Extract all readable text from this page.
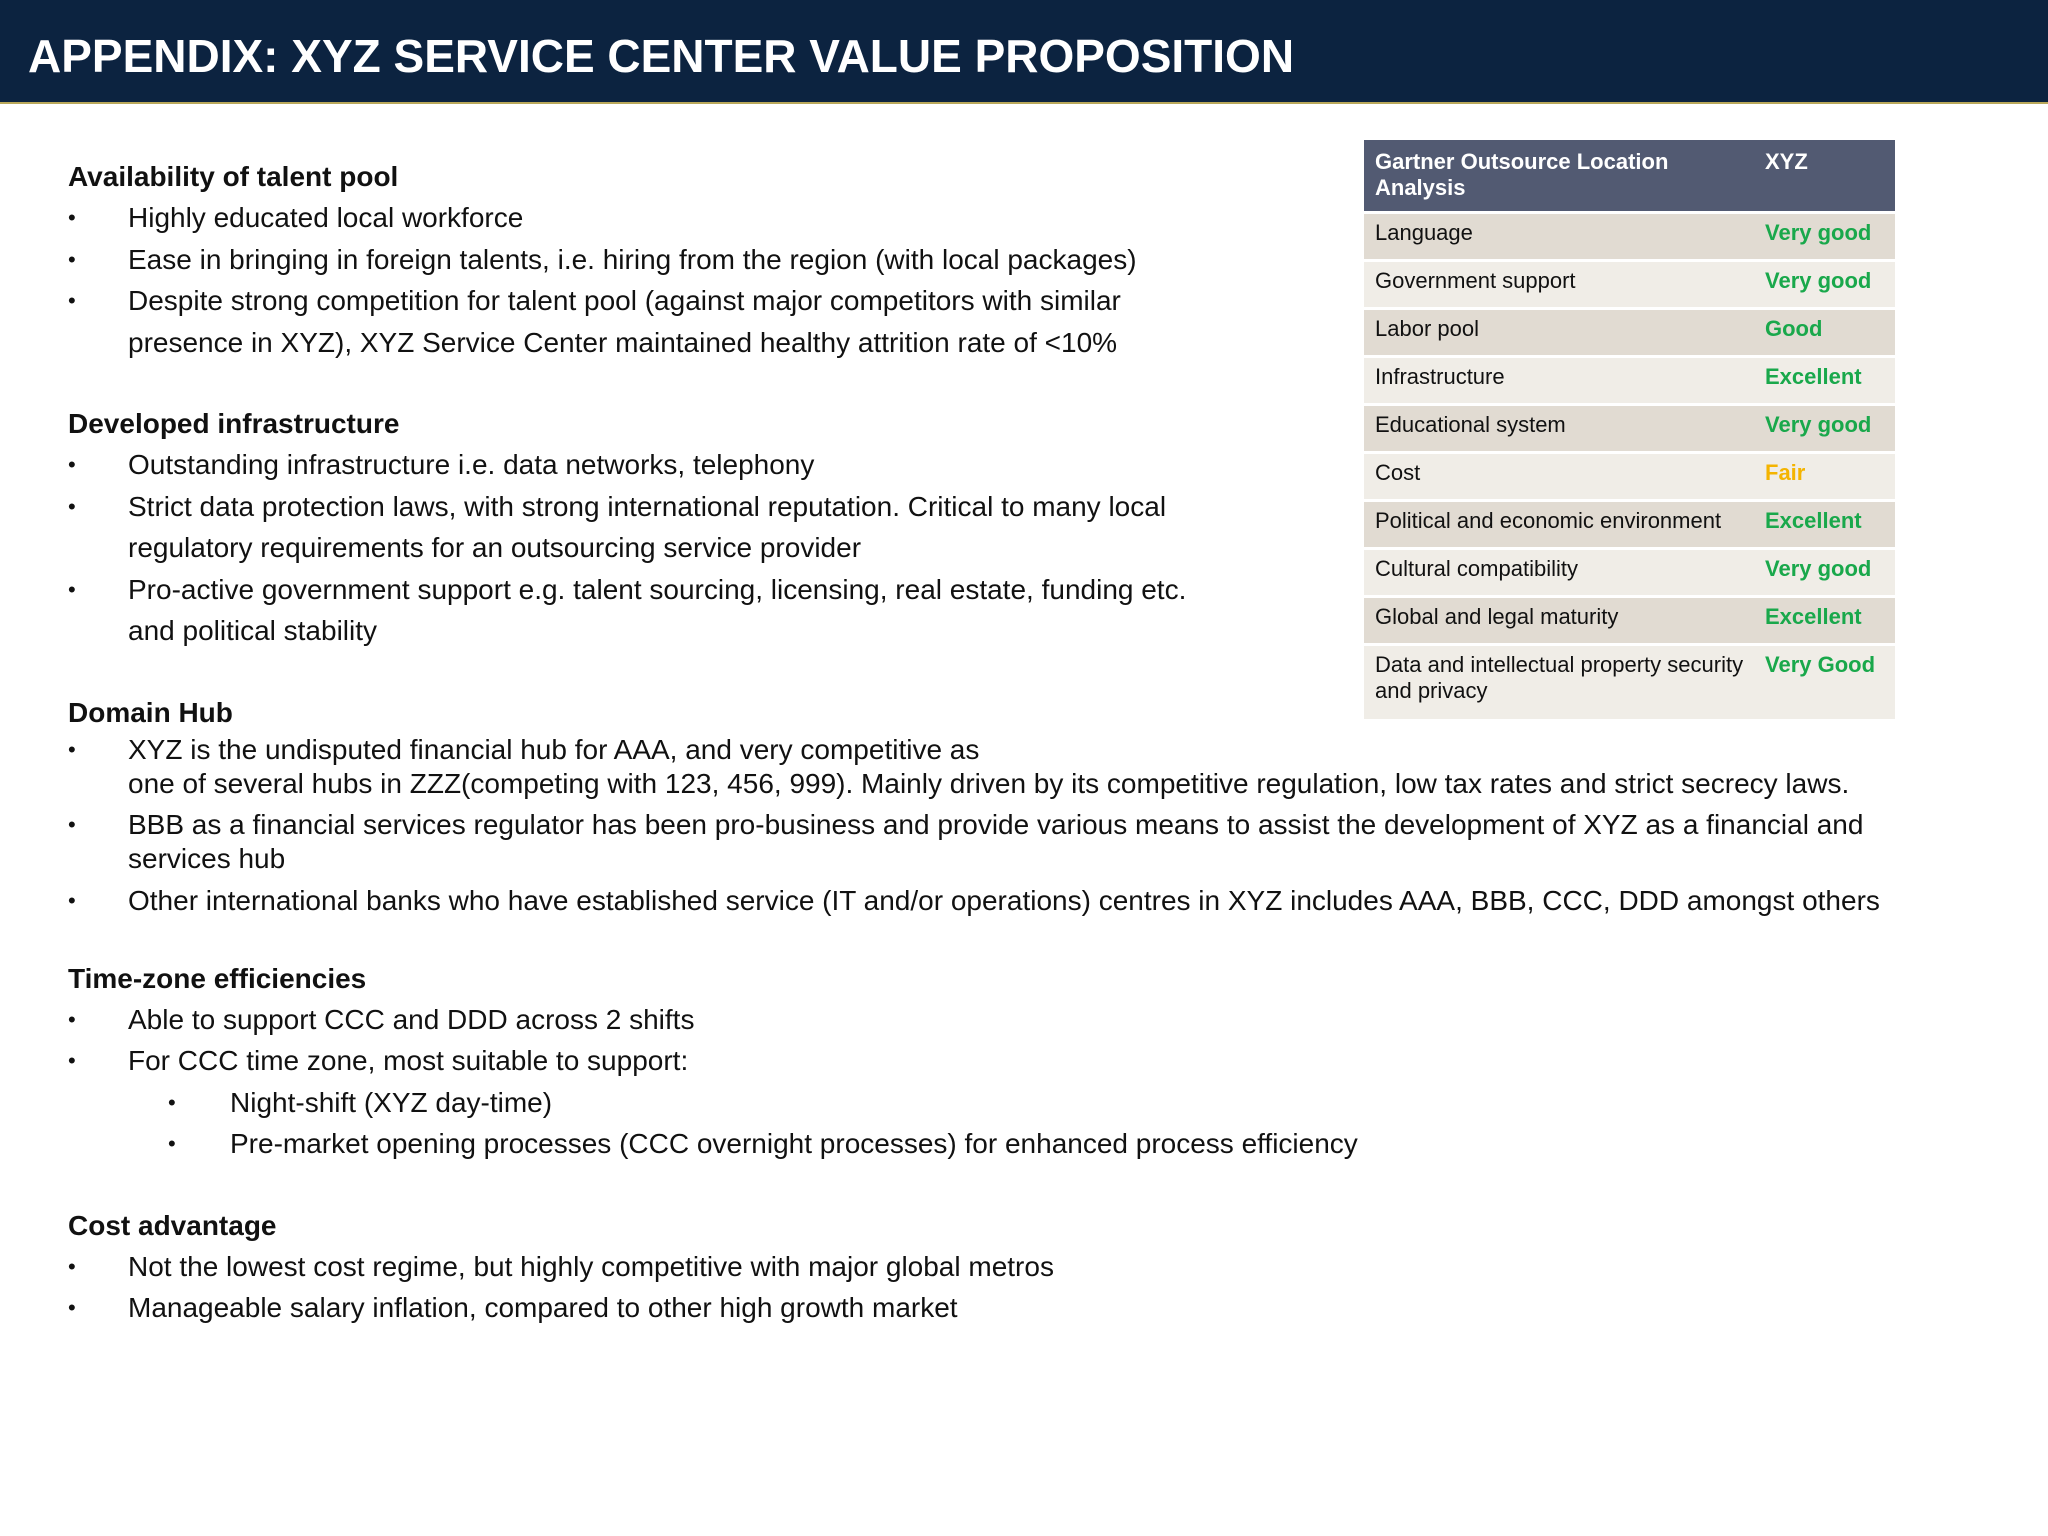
APPENDIX: XYZ SERVICE CENTER VALUE PROPOSITION

Availability of talent pool

• Highly educated local workforce
• Ease in bringing in foreign talents, i.e. hiring from the region (with local packages)
• Despite strong competition for talent pool (against major competitors with similar presence in XYZ), XYZ Service Center maintained healthy attrition rate of <10%

Developed infrastructure

• Outstanding infrastructure i.e. data networks, telephony
• Strict data protection laws, with strong international reputation. Critical to many local regulatory requirements for an outsourcing service provider
• Pro-active government support e.g. talent sourcing, licensing, real estate, funding etc. and political stability

Domain Hub

• XYZ is the undisputed financial hub for AAA, and very competitive as
one of several hubs in ZZZ(competing with 123, 456, 999). Mainly driven by its competitive regulation, low tax rates and strict secrecy laws.
• BBB as a financial services regulator has been pro-business and provide various means to assist the development of XYZ as a financial and services hub
• Other international banks who have established service (IT and/or operations) centres in XYZ includes AAA, BBB, CCC, DDD amongst others

Time-zone efficiencies

• Able to support CCC and DDD across 2 shifts
• For CCC time zone, most suitable to support:
• Night-shift (XYZ day-time)
• Pre-market opening processes (CCC overnight processes) for enhanced process efficiency

Cost advantage

• Not the lowest cost regime, but highly competitive with major global metros
• Manageable salary inflation, compared to other high growth market
Gartner Outsource Location Analysis	XYZ
Language	Very good
Government support	Very good
Labor pool	Good
Infrastructure	Excellent
Educational system	Very good
Cost	Fair
Political and economic environment	Excellent
Cultural compatibility	Very good
Global and legal maturity	Excellent
Data and intellectual property security and privacy	Very Good
